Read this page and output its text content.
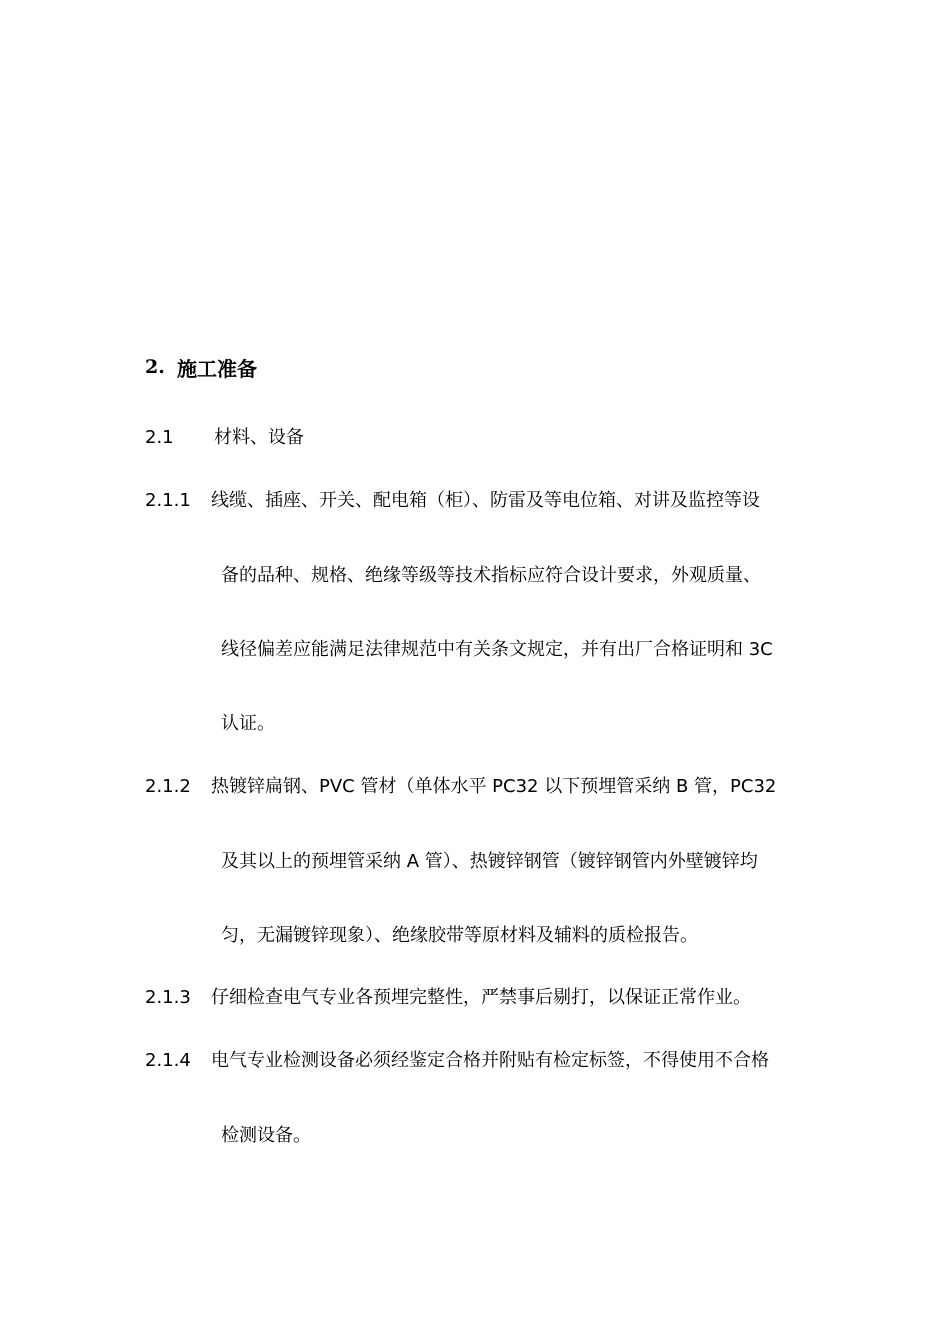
2. 施工准备
2.1 材料、设备
2.1.1 线缆、插座、开关、配电箱（柜）、防雷及等电位箱、对讲及监控等设
备的品种、规格、绝缘等级等技术指标应符合设计要求，外观质量、
线径偏差应能满足法律规范中有关条文规定，并有出厂合格证明和 3C
认证。
2.1.2 热镀锌扁钢、PVC 管材（单体水平 PC32 以下预埋管采纳 B 管，PC32
及其以上的预埋管采纳 A 管）、热镀锌钢管（镀锌钢管内外壁镀锌均
匀，无漏镀锌现象）、绝缘胶带等原材料及辅料的质检报告。
2.1.3 仔细检查电气专业各预埋完整性，严禁事后剔打，以保证正常作业。
2.1.4 电气专业检测设备必须经鉴定合格并附贴有检定标签，不得使用不合格
检测设备。
